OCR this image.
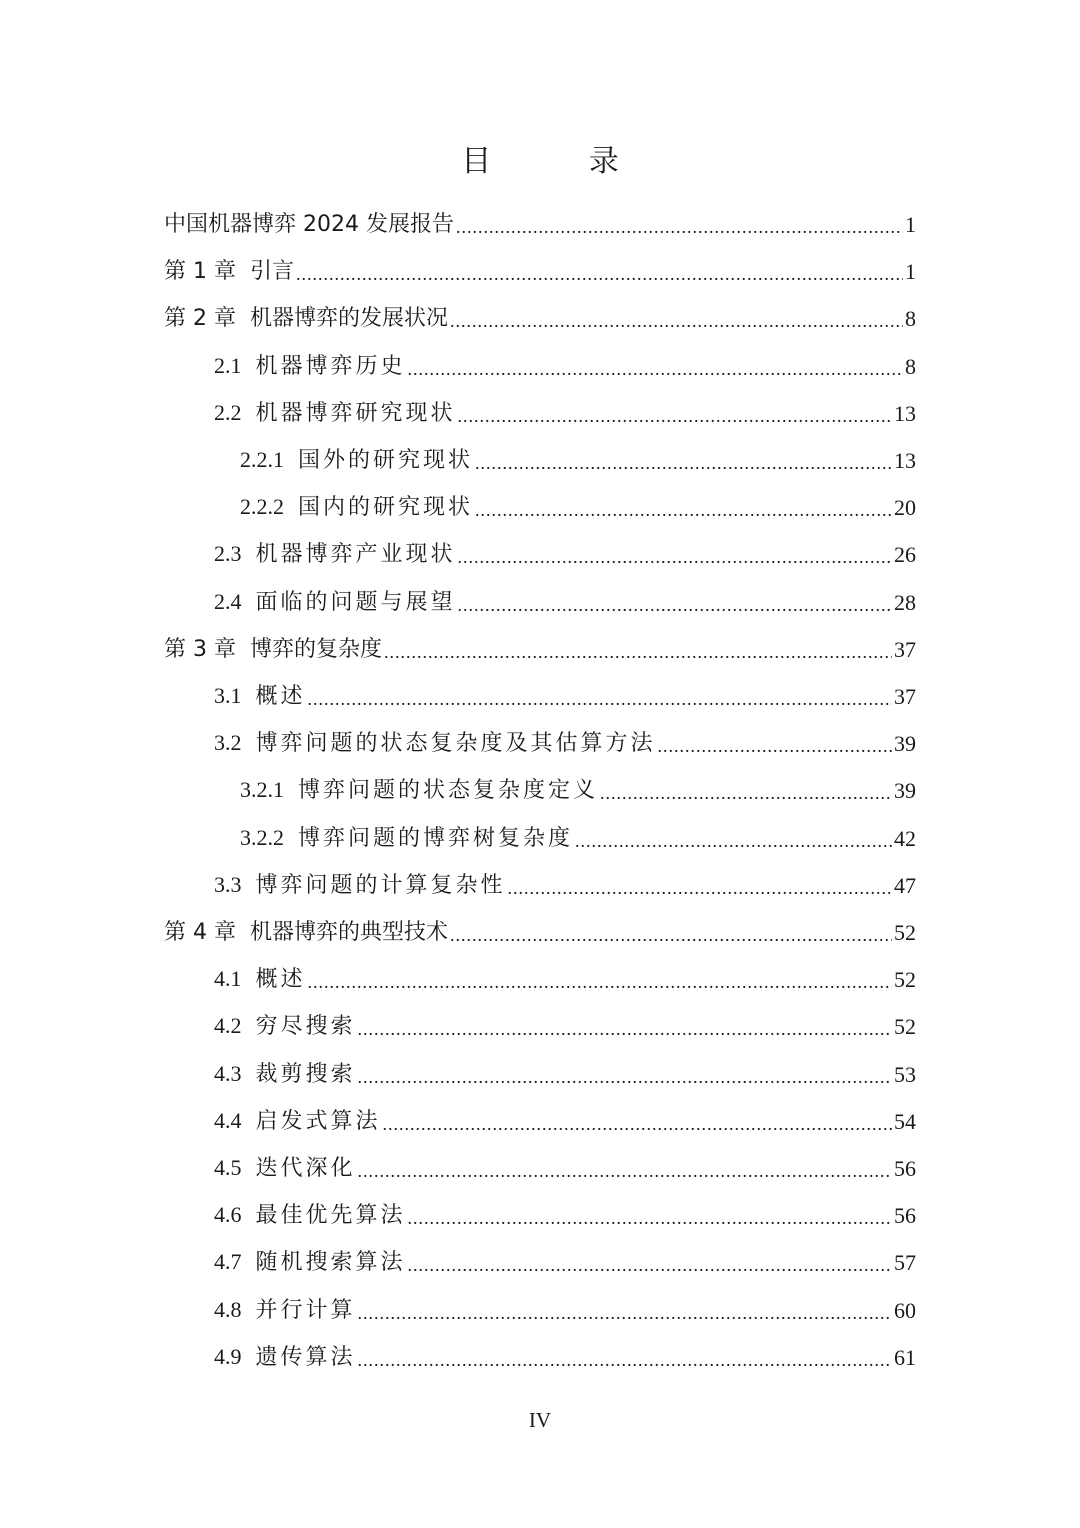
目 录
中国机器博弈 2024 发展报告 .....	1
第 1 章 引言 .....	1
第 2 章 机器博弈的发展状况 .....	8
2.1 机器博弈历史 .....	8
2.2 机器博弈研究现状 .....	13
2.2.1 国外的研究现状 .....	13
2.2.2 国内的研究现状 .....	20
2.3 机器博弈产业现状 .....	26
2.4 面临的问题与展望 .....	28
第 3 章 博弈的复杂度 .....	37
3.1 概述 .....	37
3.2 博弈问题的状态复杂度及其估算方法 .....	39
3.2.1 博弈问题的状态复杂度定义 .....	39
3.2.2 博弈问题的博弈树复杂度 .....	42
3.3 博弈问题的计算复杂性 .....	47
第 4 章 机器博弈的典型技术 .....	52
4.1 概述 .....	52
4.2 穷尽搜索 .....	52
4.3 裁剪搜索 .....	53
4.4 启发式算法 .....	54
4.5 迭代深化 .....	56
4.6 最佳优先算法 .....	56
4.7 随机搜索算法 .....	57
4.8 并行计算 .....	60
4.9 遗传算法 .....	61
IV
